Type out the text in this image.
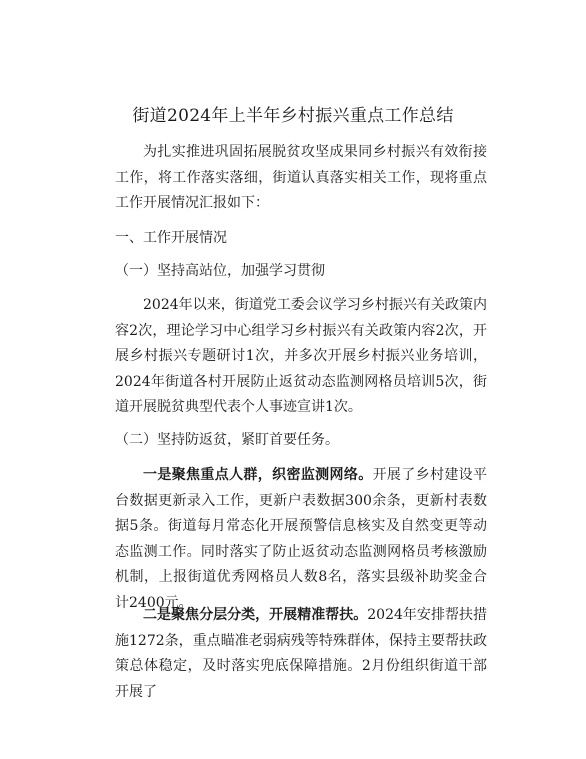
街道2024年上半年乡村振兴重点工作总结
为扎实推进巩固拓展脱贫攻坚成果同乡村振兴有效衔接工作，将工作落实落细，街道认真落实相关工作，现将重点工作开展情况汇报如下：
一、工作开展情况
（一）坚持高站位，加强学习贯彻
2024年以来，街道党工委会议学习乡村振兴有关政策内容2次，理论学习中心组学习乡村振兴有关政策内容2次，开展乡村振兴专题研讨1次，并多次开展乡村振兴业务培训，2024年街道各村开展防止返贫动态监测网格员培训5次，街道开展脱贫典型代表个人事迹宣讲1次。
（二）坚持防返贫，紧盯首要任务。
一是聚焦重点人群，织密监测网络。开展了乡村建设平台数据更新录入工作，更新户表数据300余条，更新村表数据5条。街道每月常态化开展预警信息核实及自然变更等动态监测工作。同时落实了防止返贫动态监测网格员考核激励机制，上报街道优秀网格员人数8名，落实县级补助奖金合计2400元。
二是聚焦分层分类，开展精准帮扶。2024年安排帮扶措施1272条，重点瞄准老弱病残等特殊群体，保持主要帮扶政策总体稳定，及时落实兜底保障措施。2月份组织街道干部开展了
